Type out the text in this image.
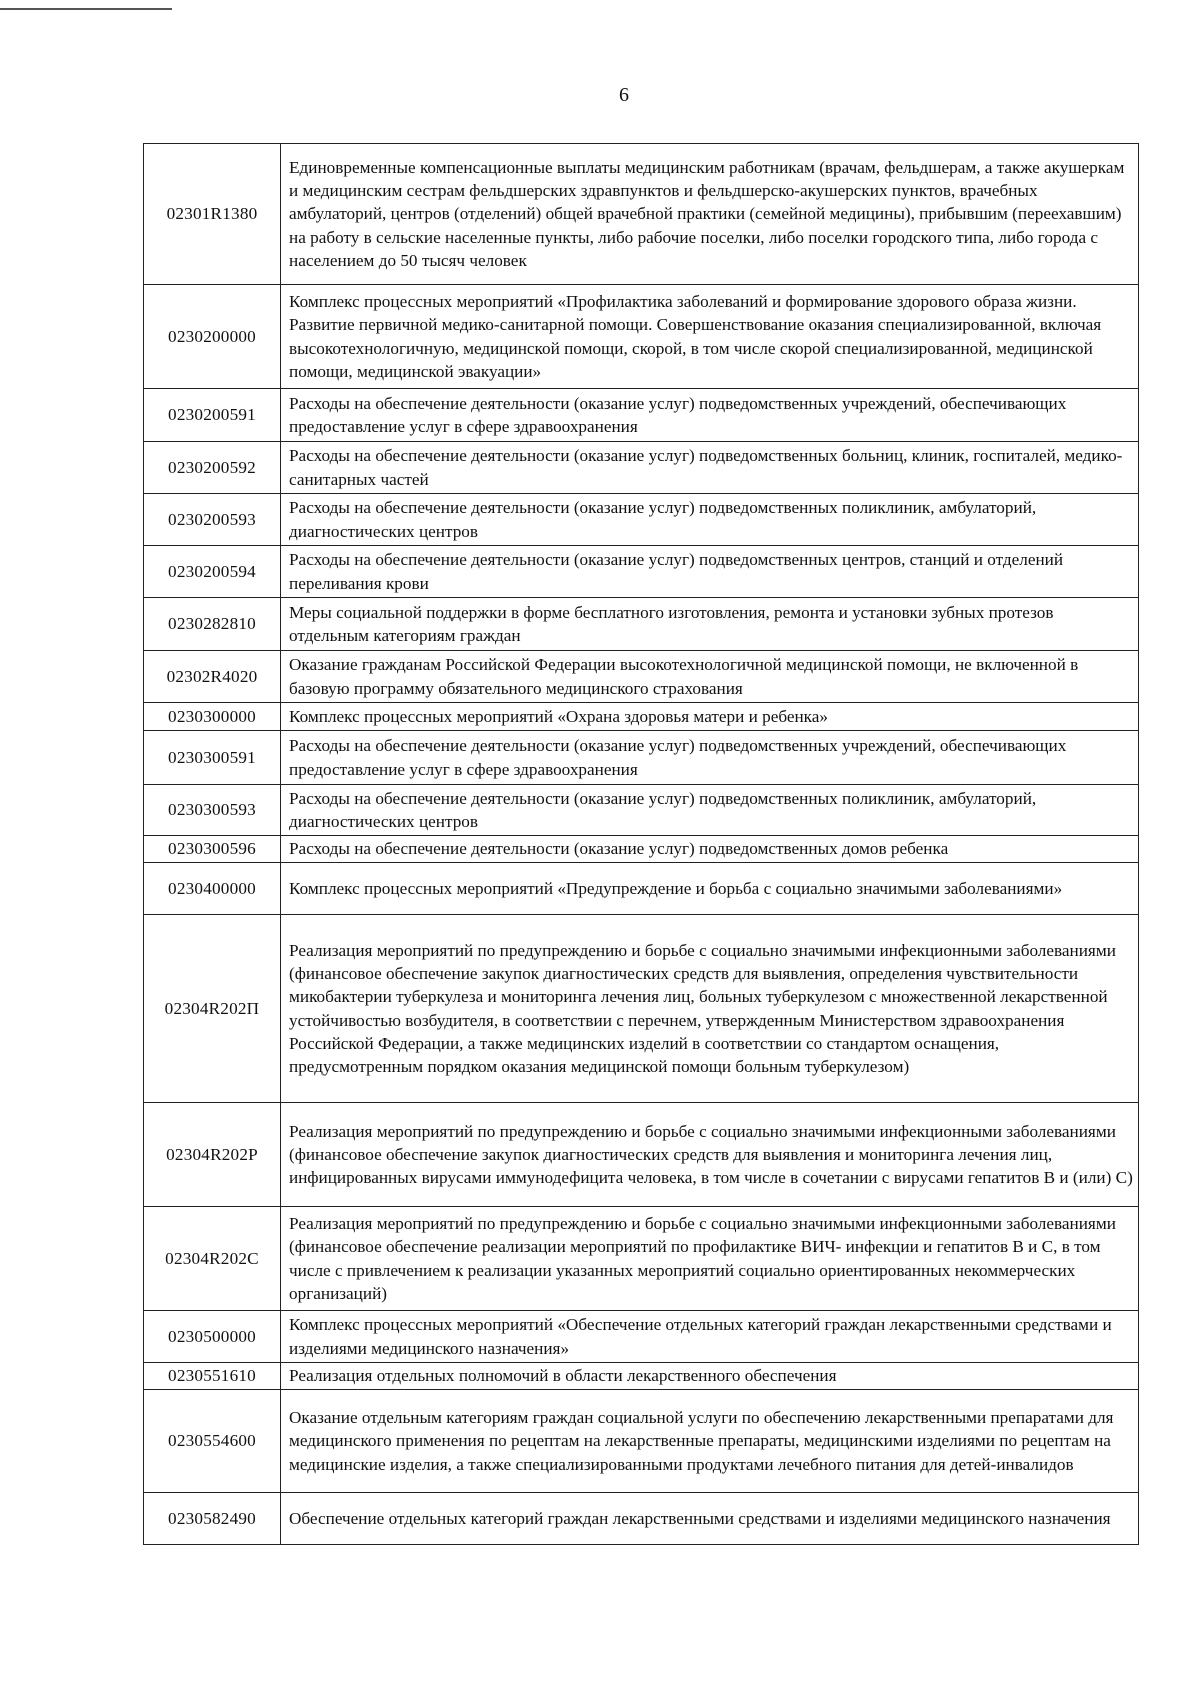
6
02301R1380	Единовременные компенсационные выплаты медицинским работникам (врачам, фельдшерам, а также акушеркам и медицинским сестрам фельдшерских здравпунктов и фельдшерско-акушерских пунктов, врачебных амбулаторий, центров (отделений) общей врачебной практики (семейной медицины), прибывшим (переехавшим) на работу в сельские населенные пункты, либо рабочие поселки, либо поселки городского типа, либо города с населением до 50 тысяч человек
0230200000	Комплекс процессных мероприятий «Профилактика заболеваний и формирование здорового образа жизни. Развитие первичной медико-санитарной помощи. Совершенствование оказания специализированной, включая высокотехнологичную, медицинской помощи, скорой, в том числе скорой специализированной, медицинской помощи, медицинской эвакуации»
0230200591	Расходы на обеспечение деятельности (оказание услуг) подведомственных учреждений, обеспечивающих предоставление услуг в сфере здравоохранения
0230200592	Расходы на обеспечение деятельности (оказание услуг) подведомственных больниц, клиник, госпиталей, медико-санитарных частей
0230200593	Расходы на обеспечение деятельности (оказание услуг) подведомственных поликлиник, амбулаторий, диагностических центров
0230200594	Расходы на обеспечение деятельности (оказание услуг) подведомственных центров, станций и отделений переливания крови
0230282810	Меры социальной поддержки в форме бесплатного изготовления, ремонта и установки зубных протезов отдельным категориям граждан
02302R4020	Оказание гражданам Российской Федерации высокотехнологичной медицинской помощи, не включенной в базовую программу обязательного медицинского страхования
0230300000	Комплекс процессных мероприятий «Охрана здоровья матери и ребенка»
0230300591	Расходы на обеспечение деятельности (оказание услуг) подведомственных учреждений, обеспечивающих предоставление услуг в сфере здравоохранения
0230300593	Расходы на обеспечение деятельности (оказание услуг) подведомственных поликлиник, амбулаторий, диагностических центров
0230300596	Расходы на обеспечение деятельности (оказание услуг) подведомственных домов ребенка
0230400000	Комплекс процессных мероприятий «Предупреждение и борьба с социально значимыми заболеваниями»
02304R202П	Реализация мероприятий по предупреждению и борьбе с социально значимыми инфекционными заболеваниями (финансовое обеспечение закупок диагностических средств для выявления, определения чувствительности микобактерии туберкулеза и мониторинга лечения лиц, больных туберкулезом с множественной лекарственной устойчивостью возбудителя, в соответствии с перечнем, утвержденным Министерством здравоохранения Российской Федерации, а также медицинских изделий в соответствии со стандартом оснащения, предусмотренным порядком оказания медицинской помощи больным туберкулезом)
02304R202P	Реализация мероприятий по предупреждению и борьбе с социально значимыми инфекционными заболеваниями (финансовое обеспечение закупок диагностических средств для выявления и мониторинга лечения лиц, инфицированных вирусами иммунодефицита человека, в том числе в сочетании с вирусами гепатитов В и (или) С)
02304R202С	Реализация мероприятий по предупреждению и борьбе с социально значимыми инфекционными заболеваниями (финансовое обеспечение реализации мероприятий по профилактике ВИЧ- инфекции и гепатитов В и С, в том числе с привлечением к реализации указанных мероприятий социально ориентированных некоммерческих организаций)
0230500000	Комплекс процессных мероприятий «Обеспечение отдельных категорий граждан лекарственными средствами и изделиями медицинского назначения»
0230551610	Реализация отдельных полномочий в области лекарственного обеспечения
0230554600	Оказание отдельным категориям граждан социальной услуги по обеспечению лекарственными препаратами для медицинского применения по рецептам на лекарственные препараты, медицинскими изделиями по рецептам на медицинские изделия, а также специализированными продуктами лечебного питания для детей-инвалидов
0230582490	Обеспечение отдельных категорий граждан лекарственными средствами и изделиями медицинского назначения
